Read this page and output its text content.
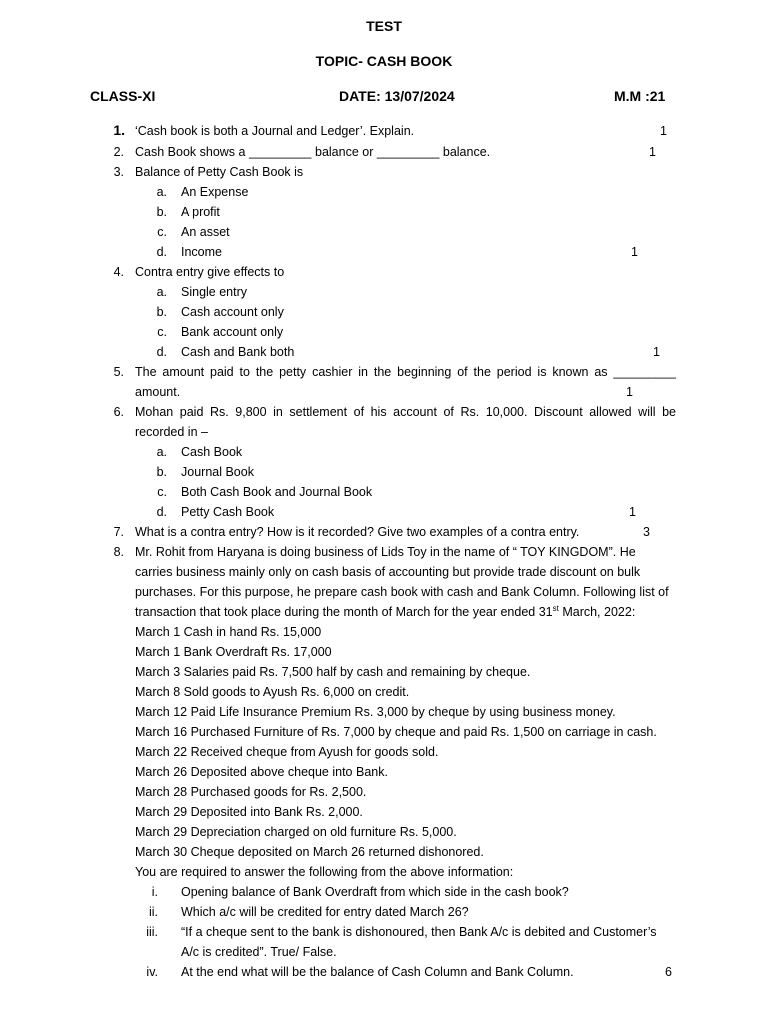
TEST
TOPIC- CASH BOOK
CLASS-XI	DATE: 13/07/2024	M.M :21
1. ‘Cash book is both a Journal and Ledger’. Explain.	1
2. Cash Book shows a _________ balance or _________ balance.	1
3. Balance of Petty Cash Book is
a. An Expense
b. A profit
c. An asset
d. Income	1
4. Contra entry give effects to
a. Single entry
b. Cash account only
c. Bank account only
d. Cash and Bank both	1
5. The amount paid to the petty cashier in the beginning of the period is known as _________
amount.	1
6. Mohan paid Rs. 9,800 in settlement of his account of Rs. 10,000. Discount allowed will be
recorded in –
a. Cash Book
b. Journal Book
c. Both Cash Book and Journal Book
d. Petty Cash Book	1
7. What is a contra entry? How is it recorded? Give two examples of a contra entry.	3
8. Mr. Rohit from Haryana is doing business of Lids Toy in the name of “ TOY KINGDOM”. He
carries business mainly only on cash basis of accounting but provide trade discount on bulk
purchases. For this purpose, he prepare cash book with cash and Bank Column. Following list of
transaction that took place during the month of March for the year ended 31st March, 2022:
March 1 Cash in hand Rs. 15,000
March 1 Bank Overdraft Rs. 17,000
March 3 Salaries paid Rs. 7,500 half by cash and remaining by cheque.
March 8 Sold goods to Ayush Rs. 6,000 on credit.
March 12 Paid Life Insurance Premium Rs. 3,000 by cheque by using business money.
March 16 Purchased Furniture of Rs. 7,000 by cheque and paid Rs. 1,500 on carriage in cash.
March 22 Received cheque from Ayush for goods sold.
March 26 Deposited above cheque into Bank.
March 28 Purchased goods for Rs. 2,500.
March 29 Deposited into Bank Rs. 2,000.
March 29 Depreciation charged on old furniture Rs. 5,000.
March 30 Cheque deposited on March 26 returned dishonored.
You are required to answer the following from the above information:
i. Opening balance of Bank Overdraft from which side in the cash book?
ii. Which a/c will be credited for entry dated March 26?
iii. “If a cheque sent to the bank is dishonoured, then Bank A/c is debited and Customer’s
A/c is credited”. True/ False.
iv. At the end what will be the balance of Cash Column and Bank Column.	6
